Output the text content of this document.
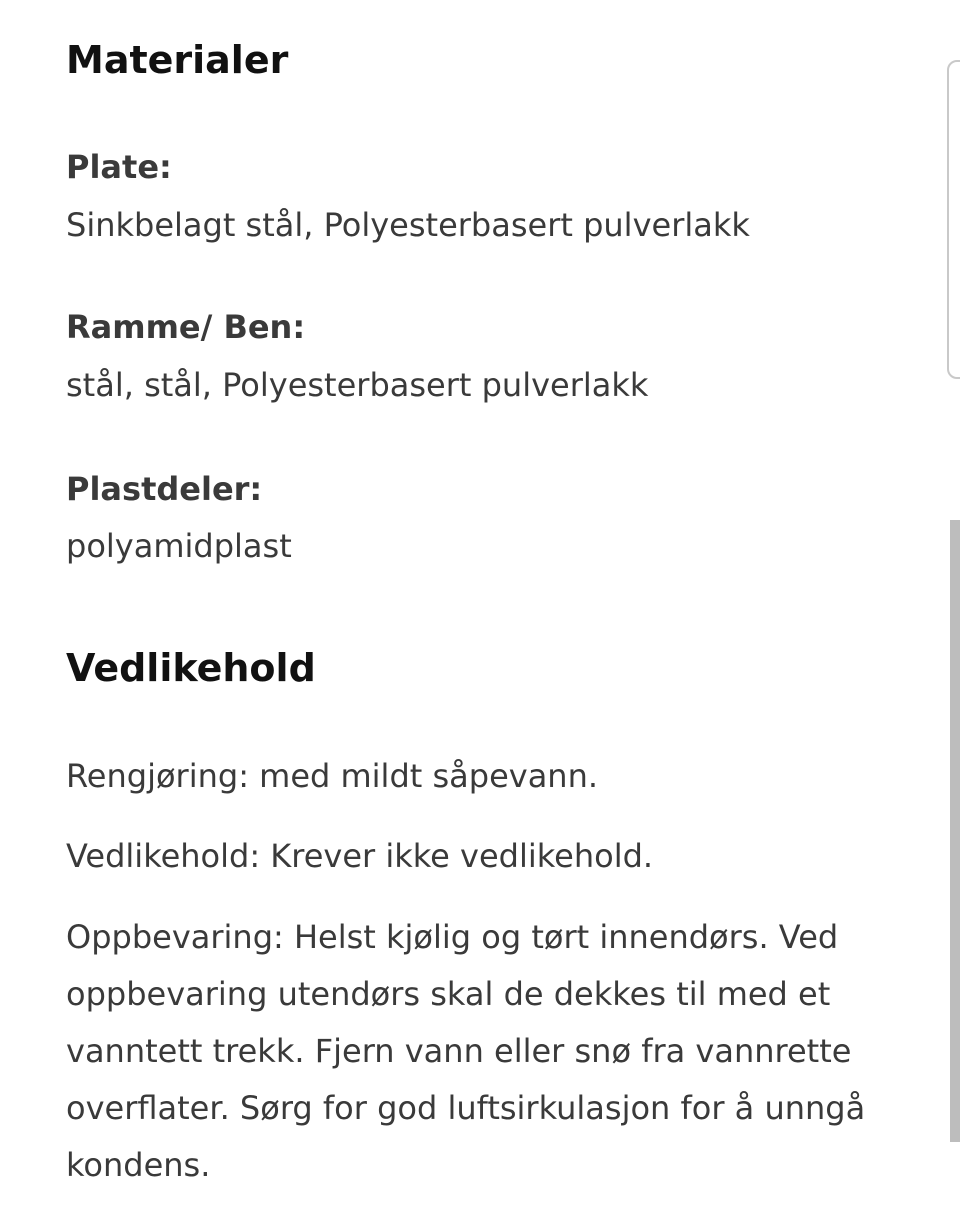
Materialer

Plate:

Sinkbelagt stål, Polyesterbasert pulverlakk

Ramme/ Ben:

stål, stål, Polyesterbasert pulverlakk

Plastdeler:

polyamidplast

Vedlikehold

Rengjøring: med mildt såpevann.

Vedlikehold: Krever ikke vedlikehold.

Oppbevaring: Helst kjølig og tørt innendørs. Ved oppbevaring utendørs skal de dekkes til med et vanntett trekk. Fjern vann eller snø fra vannrette overflater. Sørg for god luftsirkulasjon for å unngå kondens.
